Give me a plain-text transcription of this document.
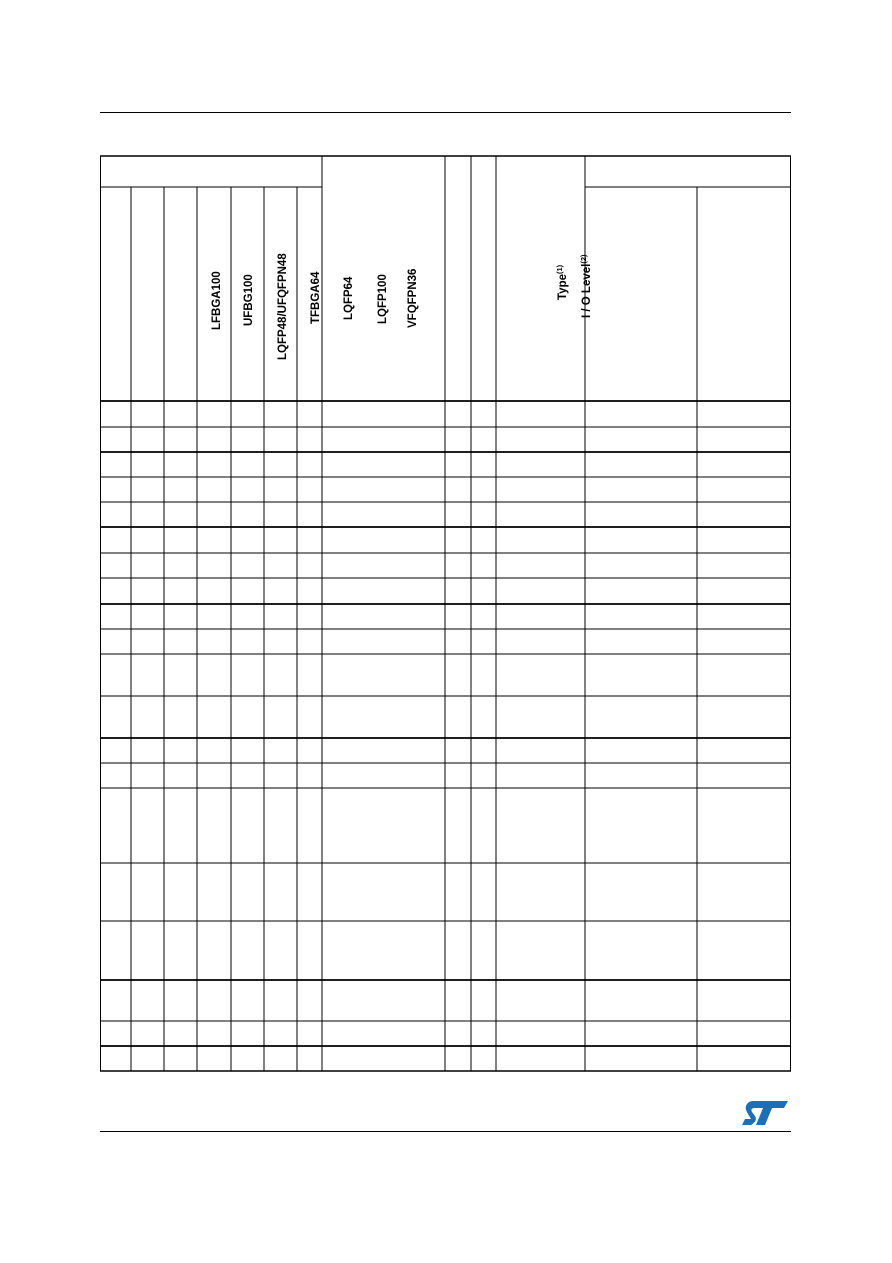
LFBGA100 UFBG100 LQFP48/UFQFPN48 TFBGA64 LQFP64 LQFP100 VFQFPN36	Type$^{(1)}$	I / O Level$^{(2)}$
